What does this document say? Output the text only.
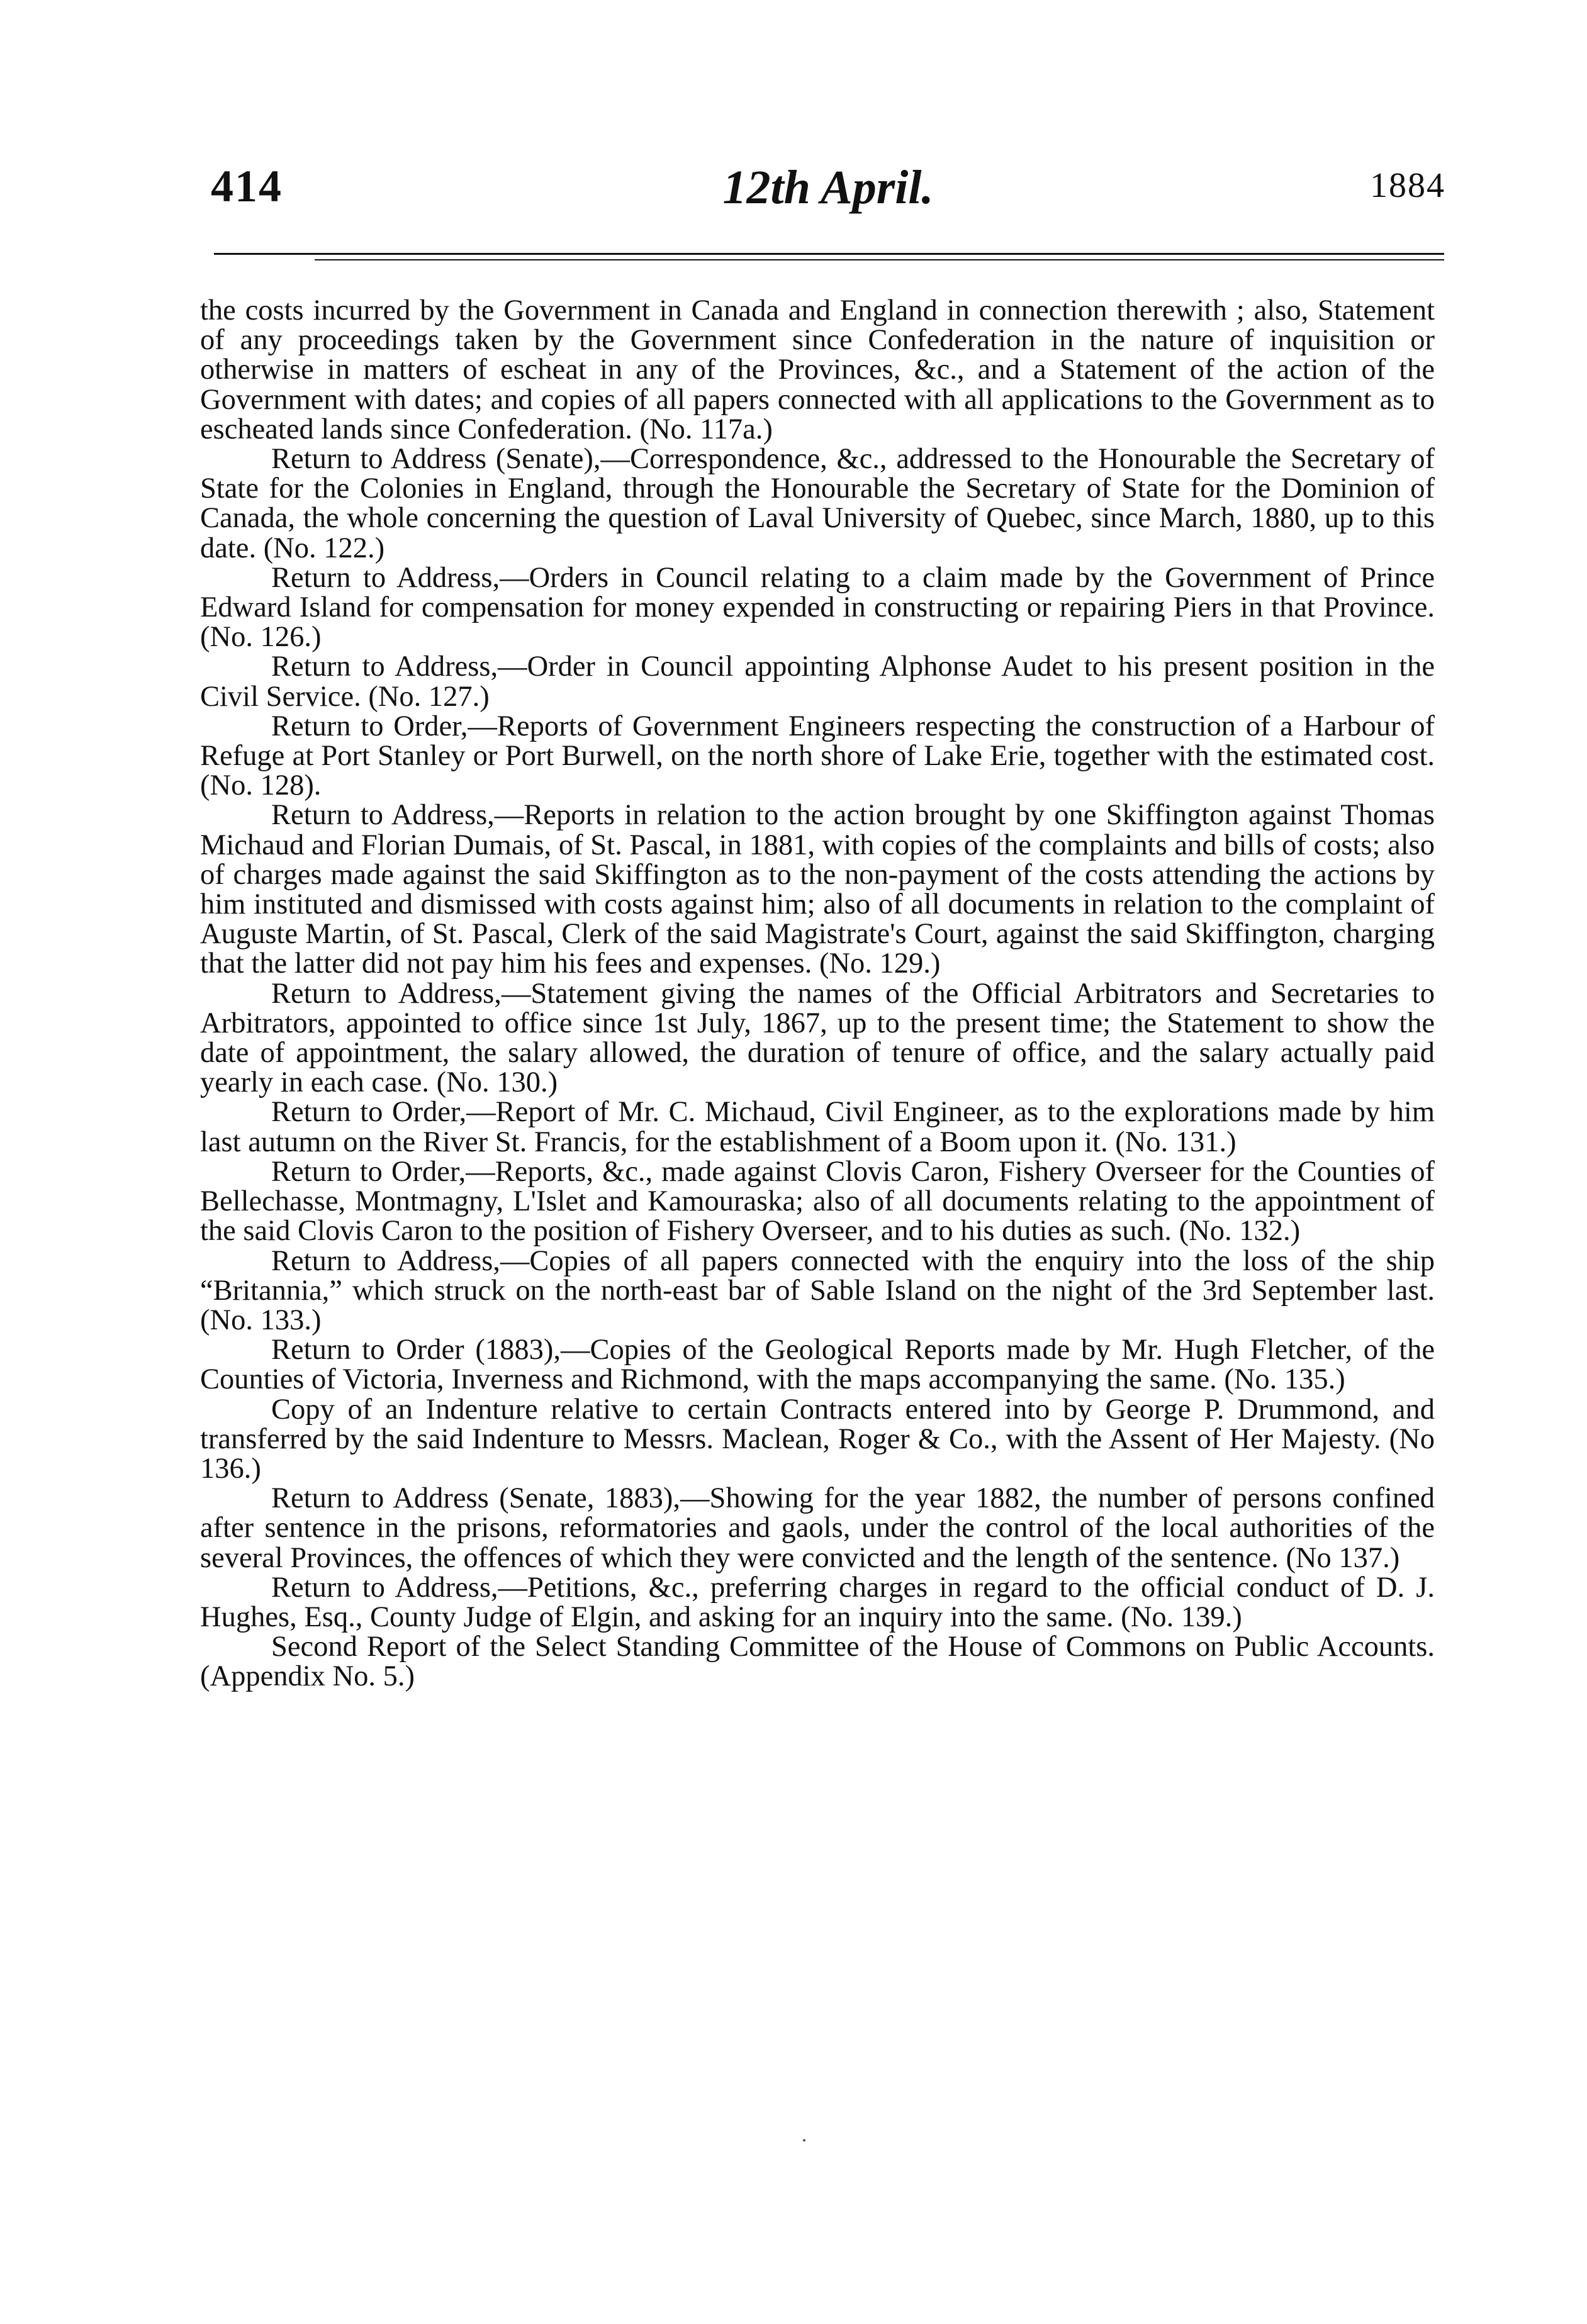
414	12th April.	1884

the costs incurred by the Government in Canada and England in connection therewith ; also, Statement of any proceedings taken by the Government since Confederation in the nature of inquisition or otherwise in matters of escheat in any of the Provinces, &c., and a Statement of the action of the Government with dates; and copies of all papers connected with all applications to the Government as to escheated lands since Confederation. (No. 117a.)

Return to Address (Senate),—Correspondence, &c., addressed to the Honourable the Secretary of State for the Colonies in England, through the Honourable the Secretary of State for the Dominion of Canada, the whole concerning the question of Laval University of Quebec, since March, 1880, up to this date. (No. 122.)

Return to Address,—Orders in Council relating to a claim made by the Government of Prince Edward Island for compensation for money expended in constructing or repairing Piers in that Province. (No. 126.)

Return to Address,—Order in Council appointing Alphonse Audet to his present position in the Civil Service. (No. 127.)

Return to Order,—Reports of Government Engineers respecting the construction of a Harbour of Refuge at Port Stanley or Port Burwell, on the north shore of Lake Erie, together with the estimated cost. (No. 128).

Return to Address,—Reports in relation to the action brought by one Skiffington against Thomas Michaud and Florian Dumais, of St. Pascal, in 1881, with copies of the complaints and bills of costs; also of charges made against the said Skiffington as to the non-payment of the costs attending the actions by him instituted and dismissed with costs against him; also of all documents in relation to the complaint of Auguste Martin, of St. Pascal, Clerk of the said Magistrate's Court, against the said Skiffington, charging that the latter did not pay him his fees and expenses. (No. 129.)

Return to Address,—Statement giving the names of the Official Arbitrators and Secretaries to Arbitrators, appointed to office since 1st July, 1867, up to the present time; the Statement to show the date of appointment, the salary allowed, the duration of tenure of office, and the salary actually paid yearly in each case. (No. 130.)

Return to Order,—Report of Mr. C. Michaud, Civil Engineer, as to the explorations made by him last autumn on the River St. Francis, for the establishment of a Boom upon it. (No. 131.)

Return to Order,—Reports, &c., made against Clovis Caron, Fishery Overseer for the Counties of Bellechasse, Montmagny, L'Islet and Kamouraska; also of all documents relating to the appointment of the said Clovis Caron to the position of Fishery Overseer, and to his duties as such. (No. 132.)

Return to Address,—Copies of all papers connected with the enquiry into the loss of the ship “Britannia,” which struck on the north-east bar of Sable Island on the night of the 3rd September last. (No. 133.)

Return to Order (1883),—Copies of the Geological Reports made by Mr. Hugh Fletcher, of the Counties of Victoria, Inverness and Richmond, with the maps accompanying the same. (No. 135.)

Copy of an Indenture relative to certain Contracts entered into by George P. Drummond, and transferred by the said Indenture to Messrs. Maclean, Roger & Co., with the Assent of Her Majesty. (No 136.)

Return to Address (Senate, 1883),—Showing for the year 1882, the number of persons confined after sentence in the prisons, reformatories and gaols, under the control of the local authorities of the several Provinces, the offences of which they were convicted and the length of the sentence. (No 137.)

Return to Address,—Petitions, &c., preferring charges in regard to the official conduct of D. J. Hughes, Esq., County Judge of Elgin, and asking for an inquiry into the same. (No. 139.)

Second Report of the Select Standing Committee of the House of Commons on Public Accounts. (Appendix No. 5.)
